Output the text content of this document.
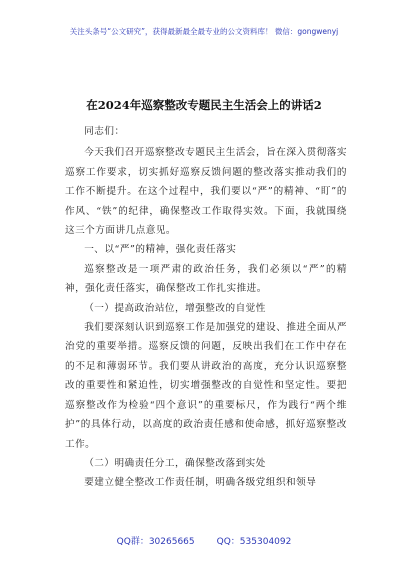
关注头条号“公文研究”，获得最新最全最专业的公文资料库！ 微信：gongwenyj
在2024年巡察整改专题民主生活会上的讲话2

同志们：

今天我们召开巡察整改专题民主生活会，旨在深入贯彻落实巡察工作要求，切实抓好巡察反馈问题的整改落实推动我们的工作不断提升。在这个过程中，我们要以“严”的精神、“盯”的作风、“铁”的纪律，确保整改工作取得实效。下面，我就围绕这三个方面讲几点意见。

一、以“严”的精神，强化责任落实

巡察整改是一项严肃的政治任务，我们必须以“严”的精神，强化责任落实，确保整改工作扎实推进。

（一）提高政治站位，增强整改的自觉性

我们要深刻认识到巡察工作是加强党的建设、推进全面从严治党的重要举措。巡察反馈的问题，反映出我们在工作中存在的不足和薄弱环节。我们要从讲政治的高度，充分认识巡察整改的重要性和紧迫性，切实增强整改的自觉性和坚定性。要把巡察整改作为检验“四个意识”的重要标尺，作为践行“两个维护”的具体行动，以高度的政治责任感和使命感，抓好巡察整改工作。

（二）明确责任分工，确保整改落到实处

要建立健全整改工作责任制，明确各级党组织和领导

QQ群：30265665 QQ：535304092
